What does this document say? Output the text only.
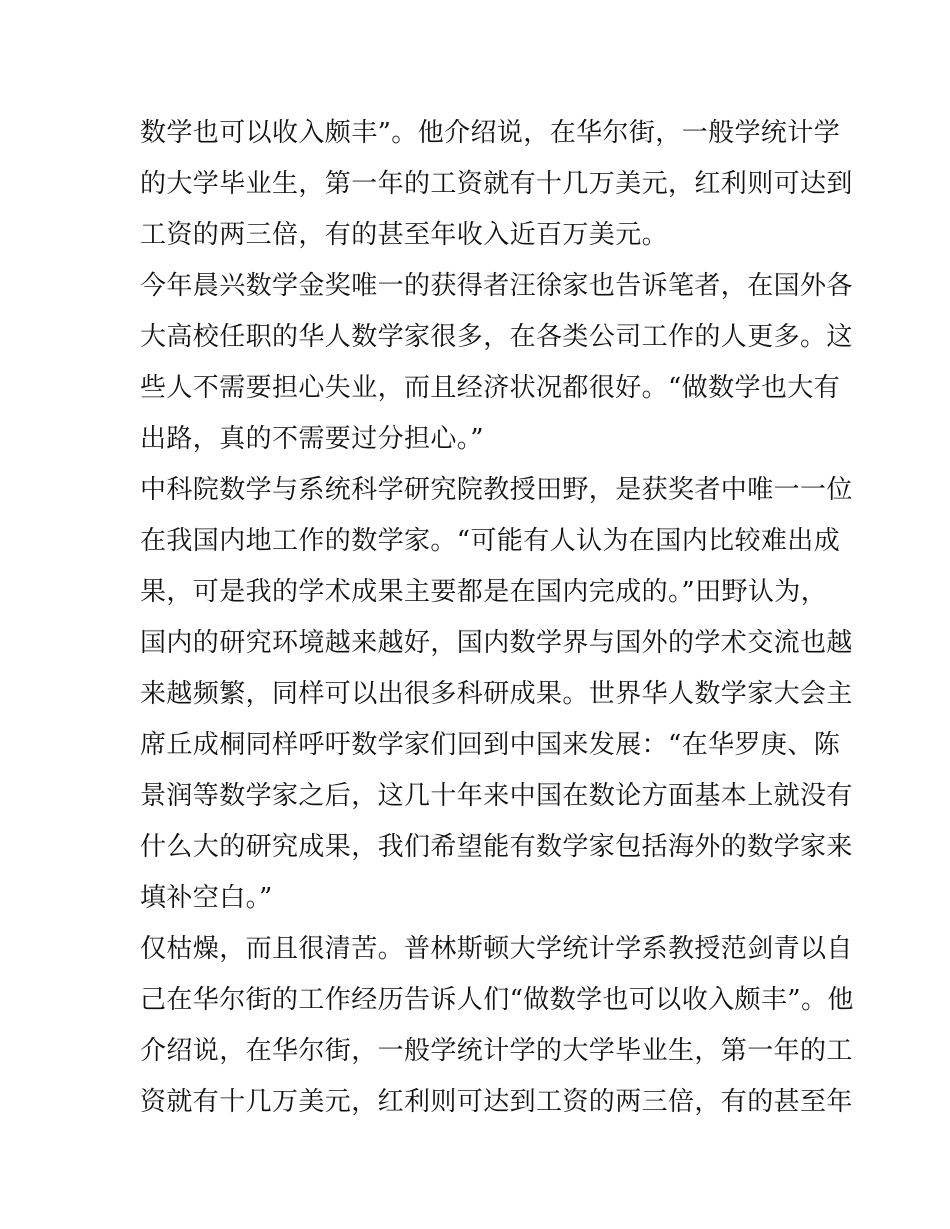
数学也可以收入颇丰”。他介绍说，在华尔街，一般学统计学
的大学毕业生，第一年的工资就有十几万美元，红利则可达到
工资的两三倍，有的甚至年收入近百万美元。
今年晨兴数学金奖唯一的获得者汪徐家也告诉笔者，在国外各
大高校任职的华人数学家很多，在各类公司工作的人更多。这
些人不需要担心失业，而且经济状况都很好。“做数学也大有
出路，真的不需要过分担心。”
中科院数学与系统科学研究院教授田野，是获奖者中唯一一位
在我国内地工作的数学家。“可能有人认为在国内比较难出成
果，可是我的学术成果主要都是在国内完成的。”田野认为，
国内的研究环境越来越好，国内数学界与国外的学术交流也越
来越频繁，同样可以出很多科研成果。世界华人数学家大会主
席丘成桐同样呼吁数学家们回到中国来发展：“在华罗庚、陈
景润等数学家之后，这几十年来中国在数论方面基本上就没有
什么大的研究成果，我们希望能有数学家包括海外的数学家来
填补空白。”
仅枯燥，而且很清苦。普林斯顿大学统计学系教授范剑青以自
己在华尔街的工作经历告诉人们“做数学也可以收入颇丰”。他
介绍说，在华尔街，一般学统计学的大学毕业生，第一年的工
资就有十几万美元，红利则可达到工资的两三倍，有的甚至年
